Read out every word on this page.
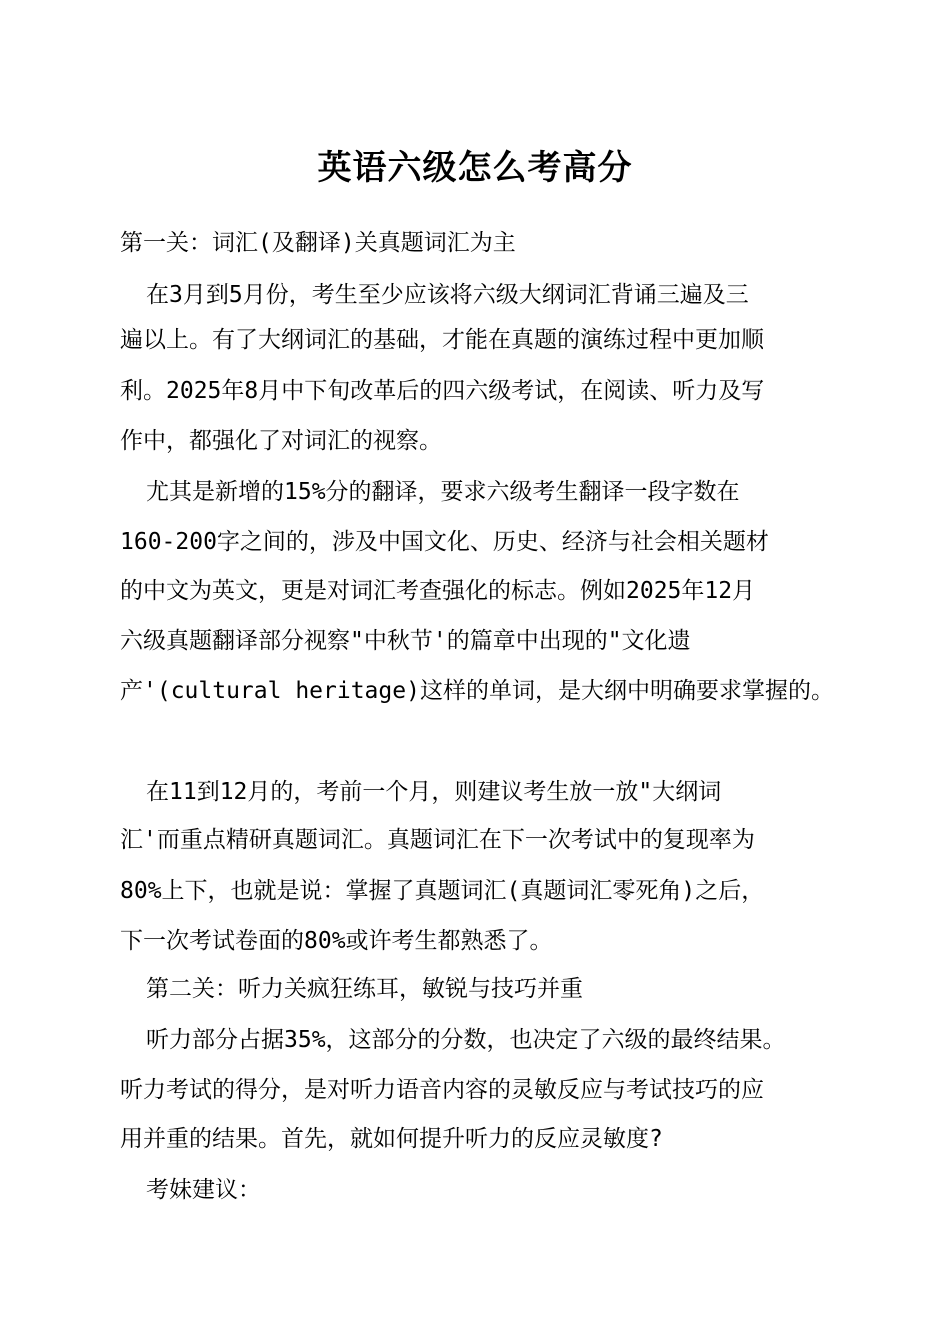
英语六级怎么考高分

第一关：词汇(及翻译)关真题词汇为主

在3月到5月份，考生至少应该将六级大纲词汇背诵三遍及三

遍以上。有了大纲词汇的基础，才能在真题的演练过程中更加顺

利。2025年8月中下旬改革后的四六级考试，在阅读、听力及写

作中，都强化了对词汇的视察。

尤其是新增的15%分的翻译，要求六级考生翻译一段字数在

160-200字之间的，涉及中国文化、历史、经济与社会相关题材

的中文为英文，更是对词汇考查强化的标志。例如2025年12月

六级真题翻译部分视察"中秋节'的篇章中出现的"文化遗

产'(cultural heritage)这样的单词，是大纲中明确要求掌握的。

在11到12月的，考前一个月，则建议考生放一放"大纲词

汇'而重点精研真题词汇。真题词汇在下一次考试中的复现率为

80%上下，也就是说：掌握了真题词汇(真题词汇零死角)之后，

下一次考试卷面的80%或许考生都熟悉了。

第二关：听力关疯狂练耳，敏锐与技巧并重

听力部分占据35%，这部分的分数，也决定了六级的最终结果。

听力考试的得分，是对听力语音内容的灵敏反应与考试技巧的应

用并重的结果。首先，就如何提升听力的反应灵敏度?

考妹建议：
